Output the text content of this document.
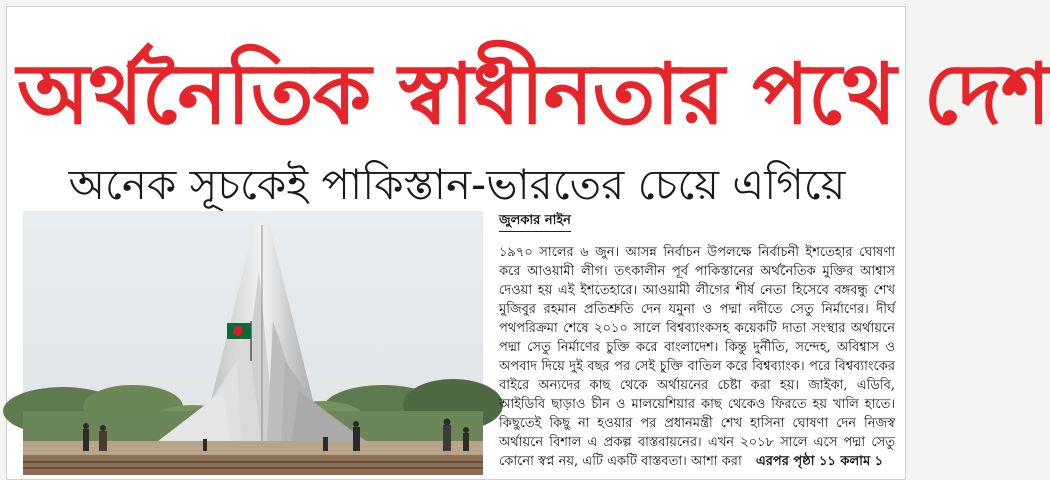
অর্থনৈতিক স্বাধীনতার পথে দেশ
অনেক সূচকেই পাকিস্তান-ভারতের চেয়ে এগিয়ে
জুলকার নাইন

১৯৭০ সালের ৬ জুন। আসন্ন নির্বাচন উপলক্ষে নির্বাচনী ইশতেহার ঘোষণা করে আওয়ামী লীগ। তৎকালীন পূর্ব পাকিস্তানের অর্থনৈতিক মুক্তির আশ্বাস দেওয়া হয় এই ইশতেহারে। আওয়ামী লীগের শীর্ষ নেতা হিসেবে বঙ্গবন্ধু শেখ মুজিবুর রহমান প্রতিশ্রুতি দেন যমুনা ও পদ্মা নদীতে সেতু নির্মাণের। দীর্ঘ পথপরিক্রমা শেষে ২০১০ সালে বিশ্বব্যাংকসহ কয়েকটি দাতা সংস্থার অর্থায়নে পদ্মা সেতু নির্মাণের চুক্তি করে বাংলাদেশ। কিন্তু দুর্নীতি, সন্দেহ, অবিশ্বাস ও অপবাদ দিয়ে দুই বছর পর সেই চুক্তি বাতিল করে বিশ্বব্যাংক। পরে বিশ্বব্যাংকের বাইরে অন্যদের কাছ থেকে অর্থায়নের চেষ্টা করা হয়। জাইকা, এডিবি, আইডিবি ছাড়াও চীন ও মালয়েশিয়ার কাছ থেকেও ফিরতে হয় খালি হাতে। কিছুতেই কিছু না হওয়ার পর প্রধানমন্ত্রী শেখ হাসিনা ঘোষণা দেন নিজস্ব অর্থায়নে বিশাল এ প্রকল্প বাস্তবায়নের। এখন ২০১৮ সালে এসে পদ্মা সেতু কোনো স্বপ্ন নয়, এটি একটি বাস্তবতা। আশা করা এরপর পৃষ্ঠা ১১ কলাম ১
